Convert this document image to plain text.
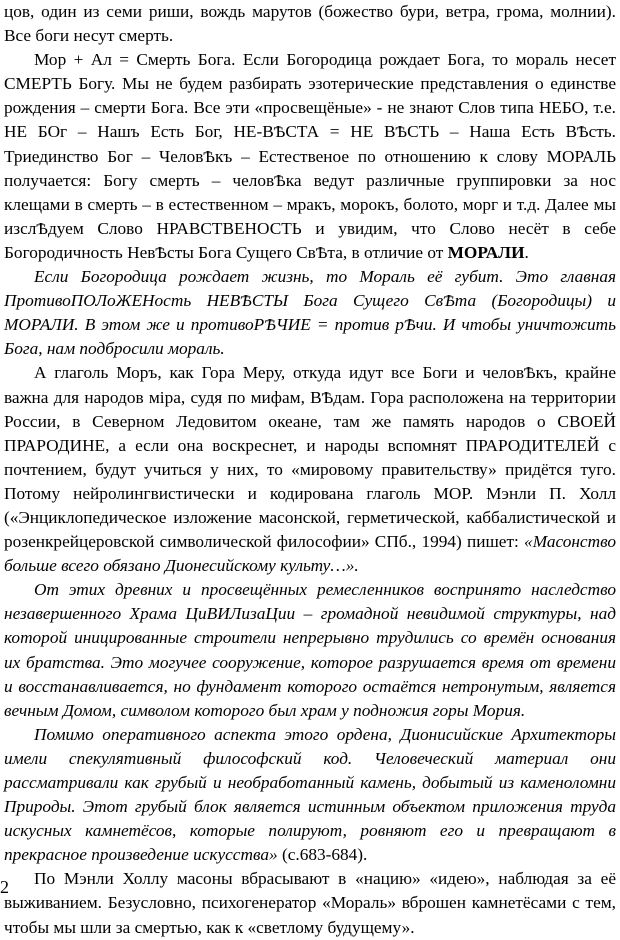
цов, один из семи риши, вождь марутов (божество бури, ветра, грома, молнии). Все боги несут смерть.

Мор + Ал = Смерть Бога. Если Богородица рождает Бога, то мораль несет СМЕРТЬ Богу. Мы не будем разбирать эзотерические представления о единстве рождения – смерти Бога. Все эти «просвещёные» - не знают Слов типа НЕБО, т.е. НЕ БОг – Нашъ Есть Бог, НЕ-ВѢСТА = НЕ ВѢСТЬ – Наша Есть ВѢсть. Триединство Бог – ЧеловѢкъ – Естественое по отношению к слову МОРАЛЬ получается: Богу смерть – человѢка ведут различные группировки за нос клещами в смерть – в естественном – мракъ, морокъ, болото, морг и т.д. Далее мы изслѢдуем Слово НРАВСТВЕНОСТЬ и увидим, что Слово несёт в себе Богородичность НевѢсты Бога Сущего СвѢта, в отличие от МОРАЛИ.

Если Богородица рождает жизнь, то Мораль её губит. Это главная ПротивоПОЛоЖЕНость НЕВѢСТЫ Бога Сущего СвѢта (Богородицы) и МОРАЛИ. В этом же и противоРѢЧИЕ = против рѢчи. И чтобы уничтожить Бога, нам подбросили мораль.

А глаголь Моръ, как Гора Меру, откуда идут все Боги и человѢкъ, крайне важна для народов міра, судя по мифам, ВѢдам. Гора расположена на территории России, в Северном Ледовитом океане, там же память народов о СВОЕЙ ПРАРОДИНЕ, а если она воскреснет, и народы вспомнят ПРАРОДИТЕЛЕЙ с почтением, будут учиться у них, то «мировому правительству» придётся туго. Потому нейролингвистически и кодирована глаголь МОР. Мэнли П. Холл («Энциклопедическое изложение масонской, герметической, каббалистической и розенкрейцеровской символической философии» СПб., 1994) пишет: «Масонство больше всего обязано Дионесийскому культу…».

От этих древних и просвещённых ремесленников воспринято наследство незавершенного Храма ЦиВИЛизаЦии – громадной невидимой структуры, над которой иницированные строители непрерывно трудились со времён основания их братства. Это могучее сооружение, которое разрушается время от времени и восстанавливается, но фундамент которого остаётся нетронутым, является вечным Домом, символом которого был храм у подножия горы Мория.

Помимо оперативного аспекта этого ордена, Дионисийские Архитекторы имели спекулятивный философский код. Человеческий материал они рассматривали как грубый и необработанный камень, добытый из каменоломни Природы. Этот грубый блок является истинным объектом приложения труда искусных камнетёсов, которые полируют, ровняют его и превращают в прекрасное произведение искусства» (с.683-684).

По Мэнли Холлу масоны вбрасывают в «нацию» «идею», наблюдая за её выживанием. Безусловно, психогенератор «Мораль» вброшен камнетёсами с тем, чтобы мы шли за смертью, как к «светлому будущему».

2
